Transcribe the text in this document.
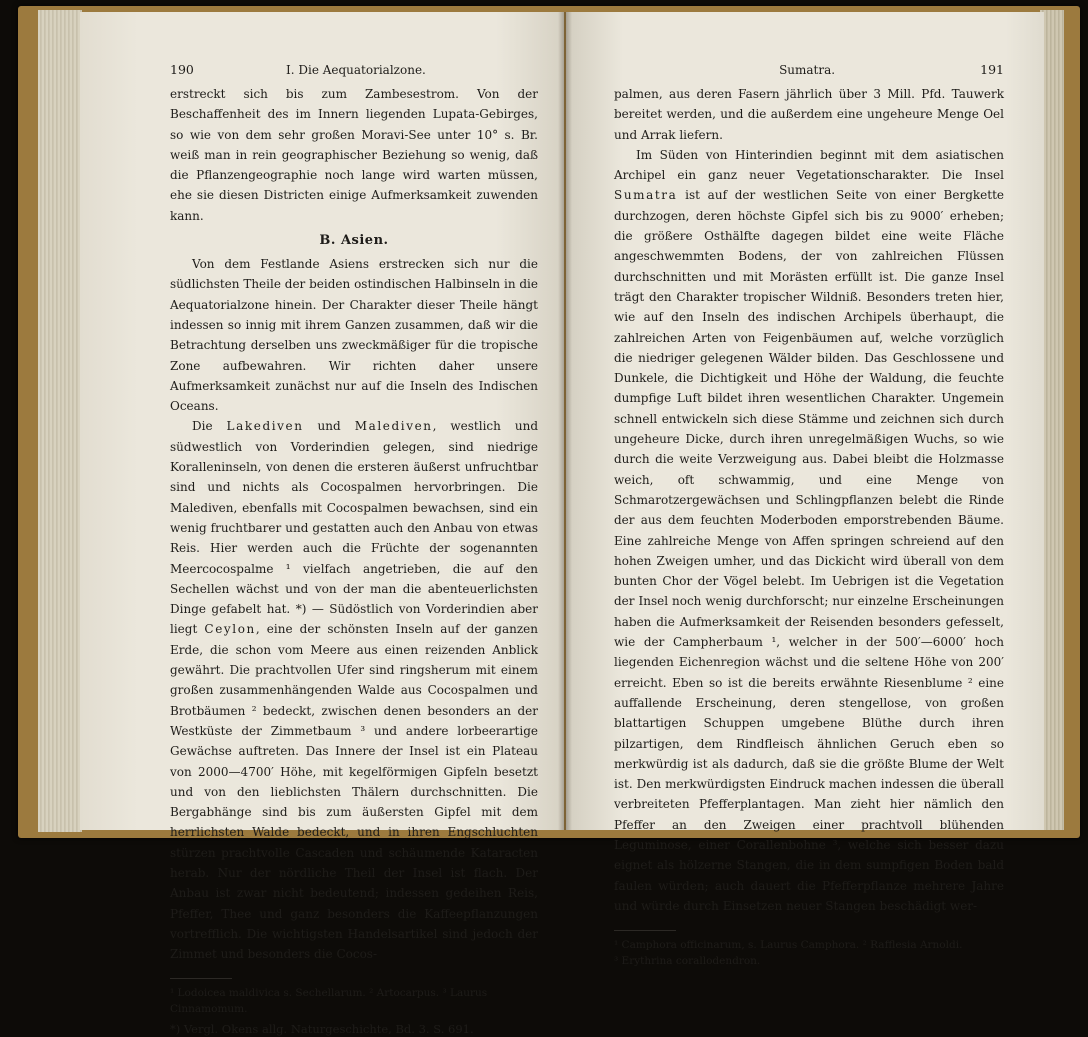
190	I. Die Aequatorialzone.

erstreckt sich bis zum Zambesestrom. Von der Beschaffenheit des im Innern liegenden Lupata-Gebirges, so wie von dem sehr großen Moravi-See unter 10° s. Br. weiß man in rein geographischer Beziehung so wenig, daß die Pflanzengeographie noch lange wird warten müssen, ehe sie diesen Districten einige Aufmerksamkeit zuwenden kann.

B. Asien.

Von dem Festlande Asiens erstrecken sich nur die südlichsten Theile der beiden ostindischen Halbinseln in die Aequatorialzone hinein. Der Charakter dieser Theile hängt indessen so innig mit ihrem Ganzen zusammen, daß wir die Betrachtung derselben uns zweckmäßiger für die tropische Zone aufbewahren. Wir richten daher unsere Aufmerksamkeit zunächst nur auf die Inseln des Indischen Oceans.

Die Lakediven und Malediven, westlich und südwestlich von Vorderindien gelegen, sind niedrige Koralleninseln, von denen die ersteren äußerst unfruchtbar sind und nichts als Cocospalmen hervorbringen. Die Malediven, ebenfalls mit Cocospalmen bewachsen, sind ein wenig fruchtbarer und gestatten auch den Anbau von etwas Reis. Hier werden auch die Früchte der sogenannten Meercocospalme ¹ vielfach angetrieben, die auf den Sechellen wächst und von der man die abenteuerlichsten Dinge gefabelt hat. *) — Südöstlich von Vorderindien aber liegt Ceylon, eine der schönsten Inseln auf der ganzen Erde, die schon vom Meere aus einen reizenden Anblick gewährt. Die prachtvollen Ufer sind ringsherum mit einem großen zusammenhängenden Walde aus Cocospalmen und Brotbäumen ² bedeckt, zwischen denen besonders an der Westküste der Zimmetbaum ³ und andere lorbeerartige Gewächse auftreten. Das Innere der Insel ist ein Plateau von 2000—4700′ Höhe, mit kegelförmigen Gipfeln besetzt und von den lieblichsten Thälern durchschnitten. Die Bergabhänge sind bis zum äußersten Gipfel mit dem herrlichsten Walde bedeckt, und in ihren Engschluchten stürzen prachtvolle Cascaden und schäumende Kataracten herab. Nur der nördliche Theil der Insel ist flach. Der Anbau ist zwar nicht bedeutend; indessen gedeihen Reis, Pfeffer, Thee und ganz besonders die Kaffeepflanzungen vortrefflich. Die wichtigsten Handelsartikel sind jedoch der Zimmet und besonders die Cocos-

¹ Lodoicea maldivica s. Sechellarum. ² Artocarpus. ³ Laurus Cinnamomum.
*) Vergl. Okens allg. Naturgeschichte, Bd. 3. S. 691.
Sumatra.	191

palmen, aus deren Fasern jährlich über 3 Mill. Pfd. Tauwerk bereitet werden, und die außerdem eine ungeheure Menge Oel und Arrak liefern.

Im Süden von Hinterindien beginnt mit dem asiatischen Archipel ein ganz neuer Vegetationscharakter. Die Insel Sumatra ist auf der westlichen Seite von einer Bergkette durchzogen, deren höchste Gipfel sich bis zu 9000′ erheben; die größere Osthälfte dagegen bildet eine weite Fläche angeschwemmten Bodens, der von zahlreichen Flüssen durchschnitten und mit Morästen erfüllt ist. Die ganze Insel trägt den Charakter tropischer Wildniß. Besonders treten hier, wie auf den Inseln des indischen Archipels überhaupt, die zahlreichen Arten von Feigenbäumen auf, welche vorzüglich die niedriger gelegenen Wälder bilden. Das Geschlossene und Dunkele, die Dichtigkeit und Höhe der Waldung, die feuchte dumpfige Luft bildet ihren wesentlichen Charakter. Ungemein schnell entwickeln sich diese Stämme und zeichnen sich durch ungeheure Dicke, durch ihren unregelmäßigen Wuchs, so wie durch die weite Verzweigung aus. Dabei bleibt die Holzmasse weich, oft schwammig, und eine Menge von Schmarotzergewächsen und Schlingpflanzen belebt die Rinde der aus dem feuchten Moderboden emporstrebenden Bäume. Eine zahlreiche Menge von Affen springen schreiend auf den hohen Zweigen umher, und das Dickicht wird überall von dem bunten Chor der Vögel belebt. Im Uebrigen ist die Vegetation der Insel noch wenig durchforscht; nur einzelne Erscheinungen haben die Aufmerksamkeit der Reisenden besonders gefesselt, wie der Campherbaum ¹, welcher in der 500′—6000′ hoch liegenden Eichenregion wächst und die seltene Höhe von 200′ erreicht. Eben so ist die bereits erwähnte Riesenblume ² eine auffallende Erscheinung, deren stengellose, von großen blattartigen Schuppen umgebene Blüthe durch ihren pilzartigen, dem Rindfleisch ähnlichen Geruch eben so merkwürdig ist als dadurch, daß sie die größte Blume der Welt ist. Den merkwürdigsten Eindruck machen indessen die überall verbreiteten Pfefferplantagen. Man zieht hier nämlich den Pfeffer an den Zweigen einer prachtvoll blühenden Leguminose, einer Corallenbohne ³, welche sich besser dazu eignet als hölzerne Stangen, die in dem sumpfigen Boden bald faulen würden; auch dauert die Pfefferpflanze mehrere Jahre und würde durch Einsetzen neuer Stangen beschädigt wer-

¹ Camphora officinarum, s. Laurus Camphora. ² Rafflesia Arnoldi.
³ Erythrina corallodendron.
